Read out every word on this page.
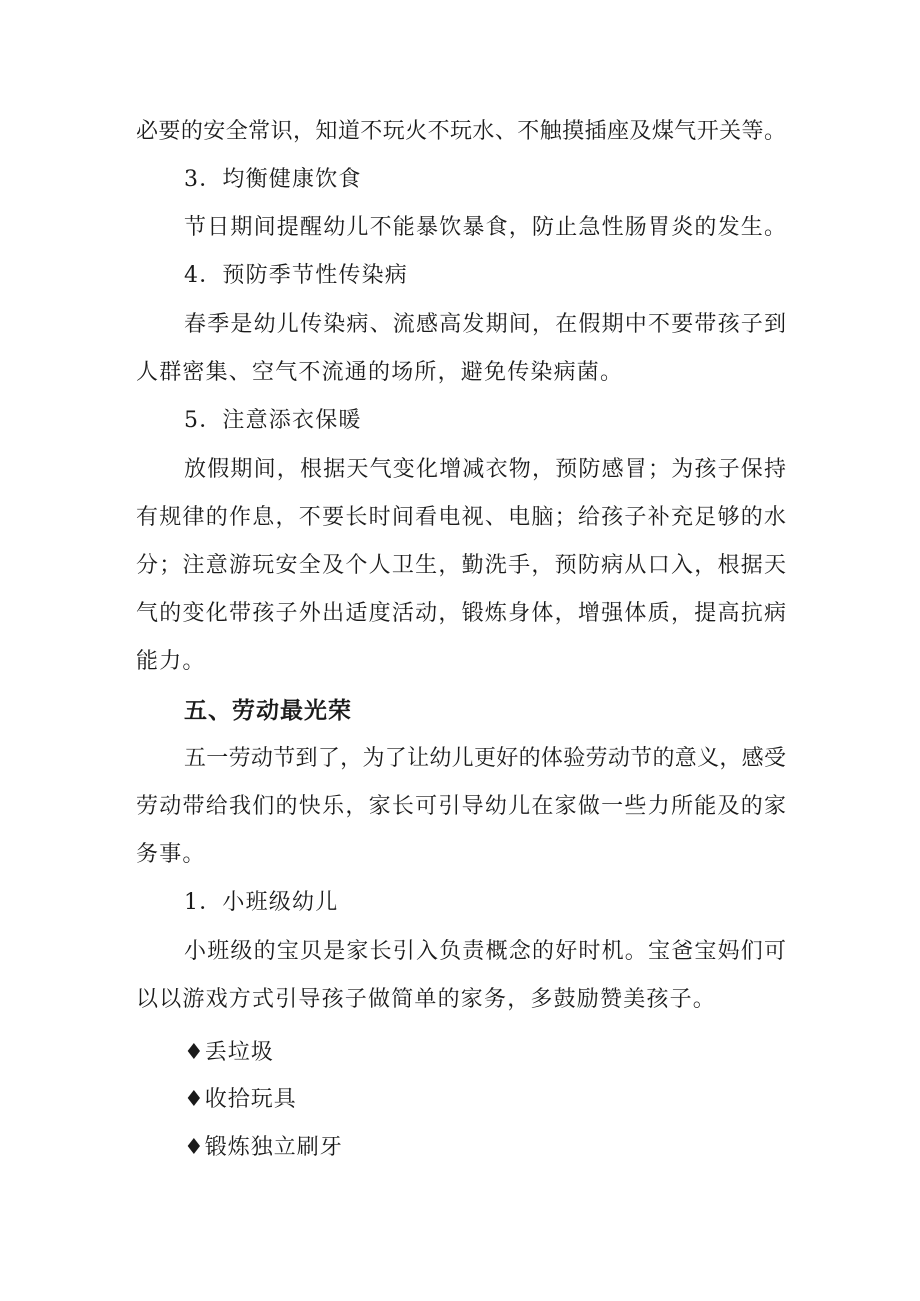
必要的安全常识，知道不玩火不玩水、不触摸插座及煤气开关等。
3．均衡健康饮食
节日期间提醒幼儿不能暴饮暴食，防止急性肠胃炎的发生。
4．预防季节性传染病
春季是幼儿传染病、流感高发期间，在假期中不要带孩子到
人群密集、空气不流通的场所，避免传染病菌。
5．注意添衣保暖
放假期间，根据天气变化增减衣物，预防感冒；为孩子保持
有规律的作息，不要长时间看电视、电脑；给孩子补充足够的水
分；注意游玩安全及个人卫生，勤洗手，预防病从口入，根据天
气的变化带孩子外出适度活动，锻炼身体，增强体质，提高抗病
能力。
五、劳动最光荣
五一劳动节到了，为了让幼儿更好的体验劳动节的意义，感受
劳动带给我们的快乐，家长可引导幼儿在家做一些力所能及的家
务事。
1．小班级幼儿
小班级的宝贝是家长引入负责概念的好时机。宝爸宝妈们可
以以游戏方式引导孩子做简单的家务，多鼓励赞美孩子。
♦丢垃圾
♦收拾玩具
♦锻炼独立刷牙
